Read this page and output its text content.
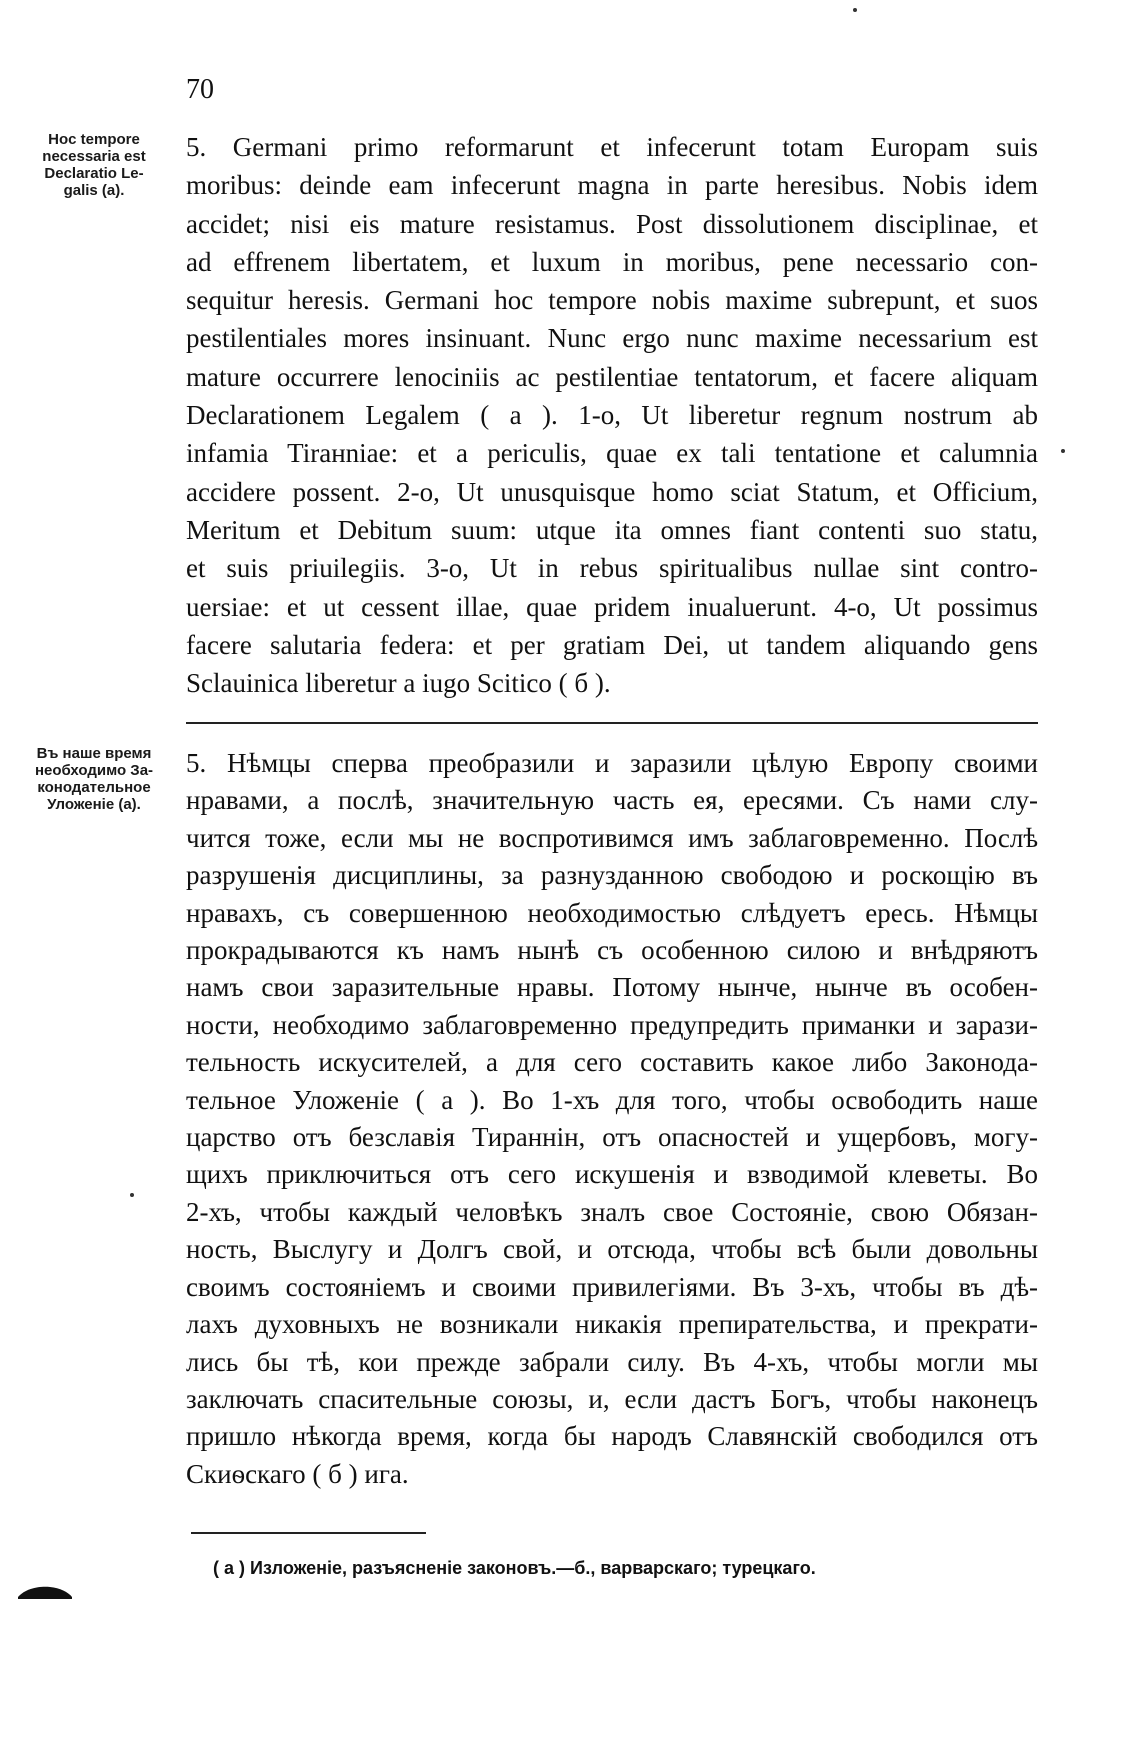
70
Hoc tempore
necessaria est
Declaratio Le-
galis (a).
5. Germani primo reformarunt et infecerunt totam Europam suis
moribus: deinde eam infecerunt magna in parte heresibus. Nobis idem
accidet; nisi eis mature resistamus. Post dissolutionem disciplinae, et
ad effrenem libertatem, et luxum in moribus, pene necessario con-
sequitur heresis. Germani hoc tempore nobis maxime subrepunt, et suos
pestilentiales mores insinuant. Nunc ergo nunc maxime necessarium est
mature occurrere lenociniis ac pestilentiae tentatorum, et facere aliquam
Declarationem Legalem ( a ). 1-o, Ut liberetur regnum nostrum ab
infamia Tirанniae: et a periculis, quae ex tali tentatione et calumnia
accidere possent. 2-o, Ut unusquisque homo sciat Statum, et Officium,
Meritum et Debitum suum: utque ita omnes fiant contenti suo statu,
et suis priuilegiis. 3-o, Ut in rebus spiritualibus nullae sint contro-
uersiae: et ut cessent illae, quae pridem inualuerunt. 4-o, Ut possimus
facere salutaria federa: et per gratiam Dei, ut tandem aliquando gens
Sclauinica liberetur a iugo Scitico ( б ).
Въ наше время
необходимо За-
конодательное
Уложеніе (а).
5. Нѣмцы сперва преобразили и заразили цѣлую Европу своими
нравами, а послѣ, значительную часть ея, ересями. Съ нами слу-
чится тоже, если мы не воспротивимся имъ заблаговременно. Послѣ
разрушенія дисциплины, за разнузданною свободою и роскощію въ
нравахъ, съ совершенною необходимостью слѣдуетъ ересь. Нѣмцы
прокрадываются къ намъ нынѣ съ особенною силою и внѣдряютъ
намъ свои заразительные нравы. Потому нынче, нынче въ особен-
ности, необходимо заблаговременно предупредить приманки и зарази-
тельность искусителей, а для сего составить какое либо Законода-
тельное Уложеніе ( а ). Во 1-хъ для того, чтобы освободить наше
царство отъ безславія Тираннін, отъ опасностей и ущербовъ, могу-
щихъ приключиться отъ сего искушенія и взводимой клеветы. Во
2-хъ, чтобы каждый человѣкъ зналъ свое Состояніе, свою Обязан-
ность, Выслугу и Долгъ свой, и отсюда, чтобы всѣ были довольны
своимъ состояніемъ и своими привилегіями. Въ 3-хъ, чтобы въ дѣ-
лахъ духовныхъ не возникали никакія препирательства, и прекрати-
лись бы тѣ, кои прежде забрали силу. Въ 4-хъ, чтобы могли мы
заключать спасительные союзы, и, если дастъ Богъ, чтобы наконецъ
пришло нѣкогда время, когда бы народъ Славянскій свободился отъ
Скиѳскаго ( б ) ига.
( а ) Изложеніе, разъясненіе законовъ.—б., варварскаго; турецкаго.
